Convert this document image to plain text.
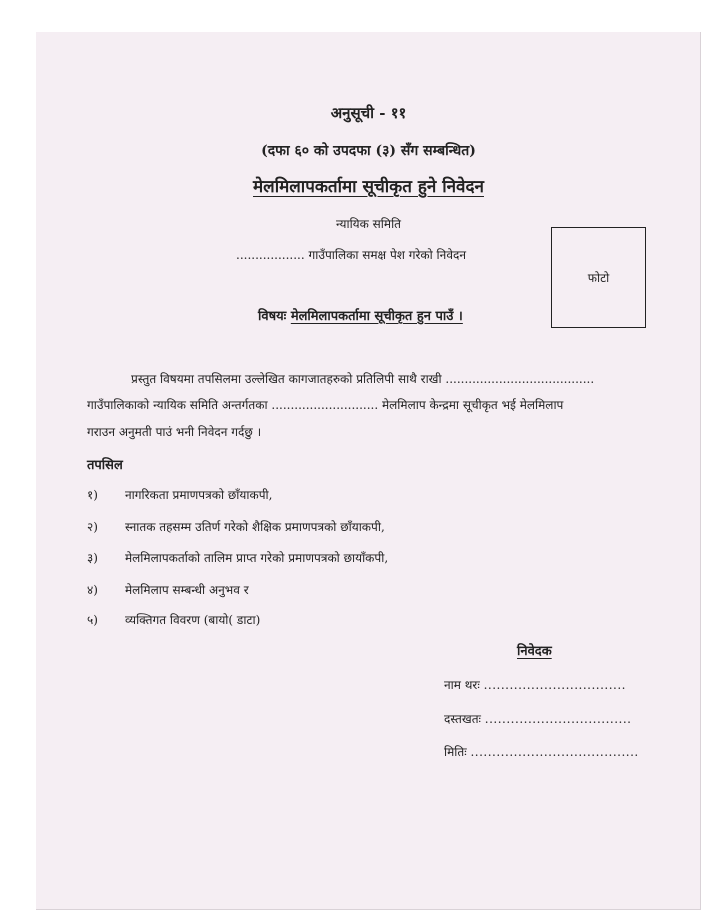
अनुसूची - ११
(दफा ६० को उपदफा (३) सँग सम्बन्धित)
मेलमिलापकर्तामा सूचीकृत हुने निवेदन
न्यायिक समिति
.................. गाउँपालिका समक्ष पेश गरेको निवेदन
फोटो
विषयः मेलमिलापकर्तामा सूचीकृत हुन पाउँ ।
प्रस्तुत विषयमा तपसिलमा उल्लेखित कागजातहरुको प्रतिलिपी साथै राखी .......................................
गाउँपालिकाको न्यायिक समिति अन्तर्गतका ............................ मेलमिलाप केन्द्रमा सूचीकृत भई मेलमिलाप
गराउन अनुमती पाउं भनी निवेदन गर्दछु ।
तपसिल
१) नागरिकता प्रमाणपत्रको छाँयाकपी,
२) स्नातक तहसम्म उतिर्ण गरेको शैक्षिक प्रमाणपत्रको छाँयाकपी,
३) मेलमिलापकर्ताको तालिम प्राप्त गरेको प्रमाणपत्रको छायाँकपी,
४) मेलमिलाप सम्बन्धी अनुभव र
५) व्यक्तिगत विवरण (बायो( डाटा)
निवेदक
नाम थरः .................................
दस्तखतः ..................................
मितिः .......................................
